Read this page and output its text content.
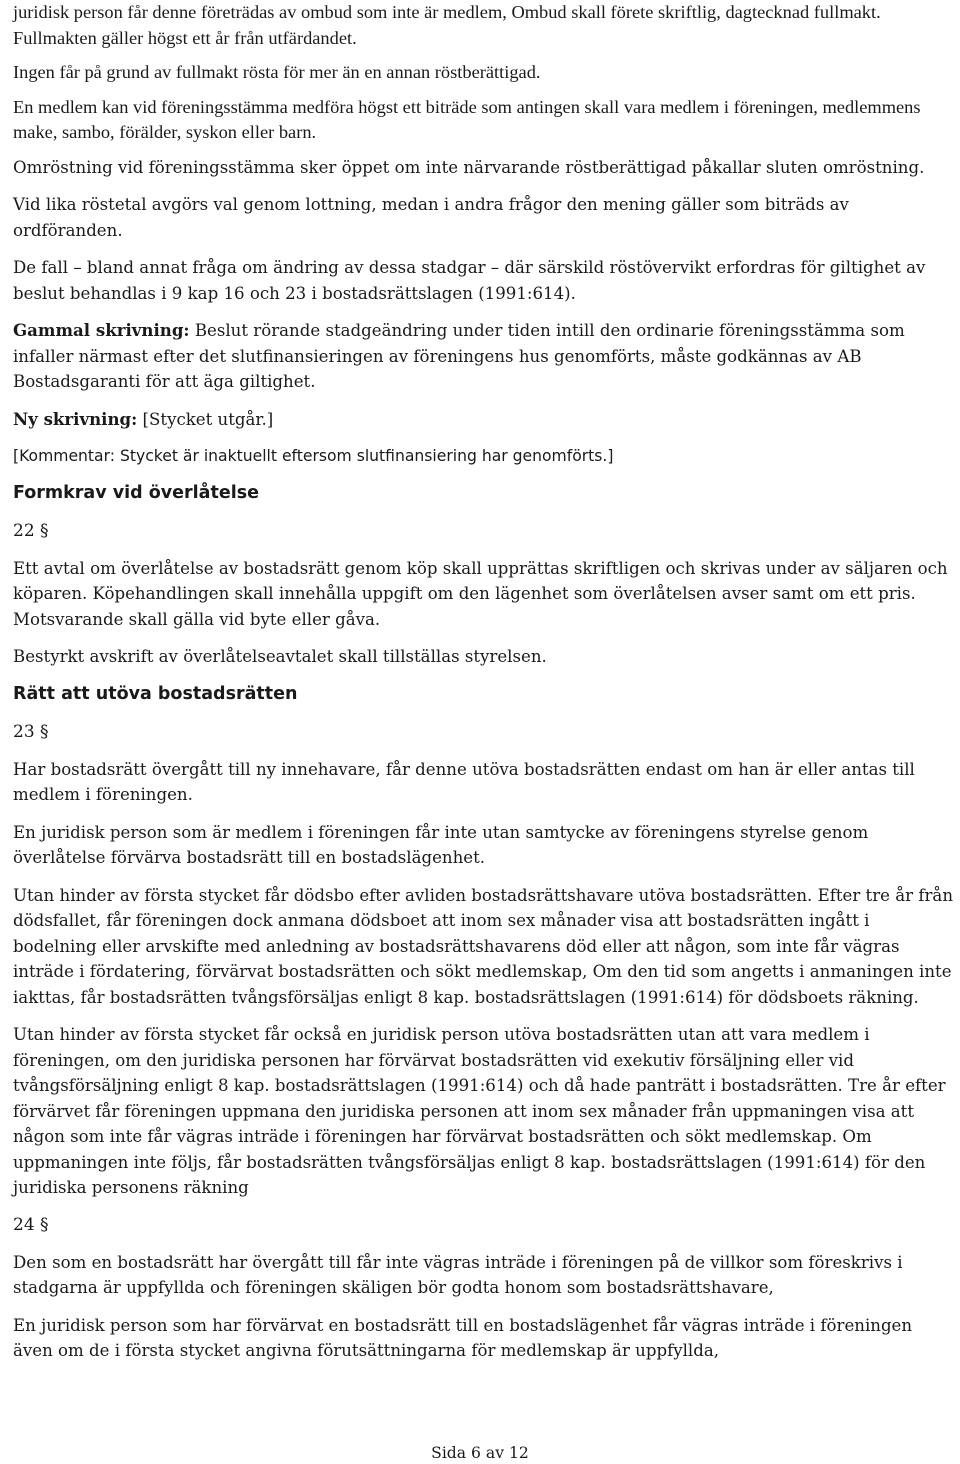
juridisk person får denne företrädas av ombud som inte är medlem, Ombud skall förete skriftlig, dagtecknad fullmakt. Fullmakten gäller högst ett år från utfärdandet.

Ingen får på grund av fullmakt rösta för mer än en annan röstberättigad.

En medlem kan vid föreningsstämma medföra högst ett biträde som antingen skall vara medlem i föreningen, medlemmens make, sambo, förälder, syskon eller barn.

Omröstning vid föreningsstämma sker öppet om inte närvarande röstberättigad påkallar sluten omröstning.

Vid lika röstetal avgörs val genom lottning, medan i andra frågor den mening gäller som biträds av ordföranden.

De fall – bland annat fråga om ändring av dessa stadgar – där särskild röstövervikt erfordras för giltighet av beslut behandlas i 9 kap 16 och 23 i bostadsrättslagen (1991:614).

Gammal skrivning: Beslut rörande stadgeändring under tiden intill den ordinarie föreningsstämma som infaller närmast efter det slutfinansieringen av föreningens hus genomförts, måste godkännas av AB Bostadsgaranti för att äga giltighet.

Ny skrivning: [Stycket utgår.]

[Kommentar: Stycket är inaktuellt eftersom slutfinansiering har genomförts.]

Formkrav vid överlåtelse

22 §

Ett avtal om överlåtelse av bostadsrätt genom köp skall upprättas skriftligen och skrivas under av säljaren och köparen. Köpehandlingen skall innehålla uppgift om den lägenhet som överlåtelsen avser samt om ett pris. Motsvarande skall gälla vid byte eller gåva.

Bestyrkt avskrift av överlåtelseavtalet skall tillställas styrelsen.

Rätt att utöva bostadsrätten

23 §

Har bostadsrätt övergått till ny innehavare, får denne utöva bostadsrätten endast om han är eller antas till medlem i föreningen.

En juridisk person som är medlem i föreningen får inte utan samtycke av föreningens styrelse genom överlåtelse förvärva bostadsrätt till en bostadslägenhet.

Utan hinder av första stycket får dödsbo efter avliden bostadsrättshavare utöva bostadsrätten. Efter tre år från dödsfallet, får föreningen dock anmana dödsboet att inom sex månader visa att bostadsrätten ingått i bodelning eller arvskifte med anledning av bostadsrättshavarens död eller att någon, som inte får vägras inträde i fördatering, förvärvat bostadsrätten och sökt medlemskap, Om den tid som angetts i anmaningen inte iakttas, får bostadsrätten tvångsförsäljas enligt 8 kap. bostadsrättslagen (1991:614) för dödsboets räkning.

Utan hinder av första stycket får också en juridisk person utöva bostadsrätten utan att vara medlem i föreningen, om den juridiska personen har förvärvat bostadsrätten vid exekutiv försäljning eller vid tvångsförsäljning enligt 8 kap. bostadsrättslagen (1991:614) och då hade panträtt i bostadsrätten. Tre år efter förvärvet får föreningen uppmana den juridiska personen att inom sex månader från uppmaningen visa att någon som inte får vägras inträde i föreningen har förvärvat bostadsrätten och sökt medlemskap. Om uppmaningen inte följs, får bostadsrätten tvångsförsäljas enligt 8 kap. bostadsrättslagen (1991:614) för den juridiska personens räkning

24 §

Den som en bostadsrätt har övergått till får inte vägras inträde i föreningen på de villkor som föreskrivs i stadgarna är uppfyllda och föreningen skäligen bör godta honom som bostadsrättshavare,

En juridisk person som har förvärvat en bostadsrätt till en bostadslägenhet får vägras inträde i föreningen även om de i första stycket angivna förutsättningarna för medlemskap är uppfyllda,

Sida 6 av 12
